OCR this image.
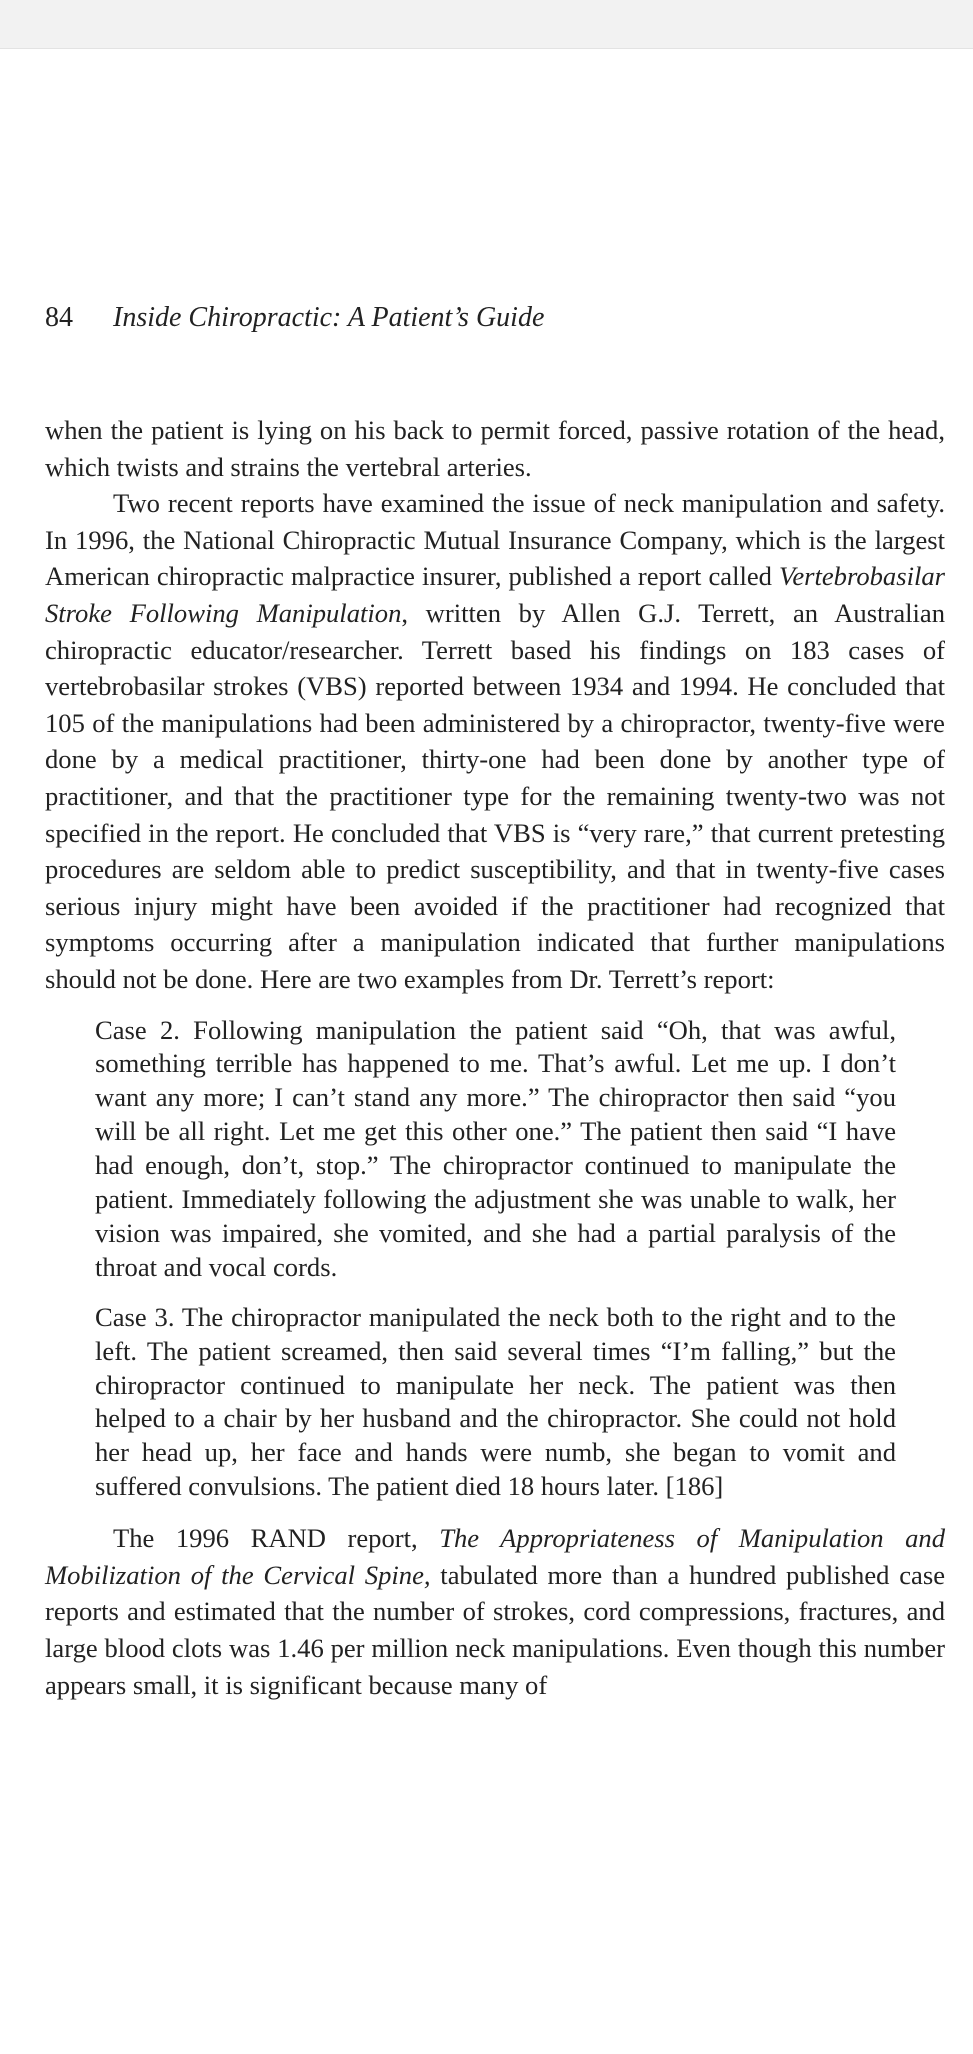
84 Inside Chiropractic: A Patient’s Guide

when the patient is lying on his back to permit forced, passive rotation of the head, which twists and strains the vertebral arteries.

Two recent reports have examined the issue of neck manipulation and safety. In 1996, the National Chiropractic Mutual Insurance Company, which is the largest American chiropractic malpractice insurer, published a report called Vertebrobasilar Stroke Following Manipulation, written by Allen G.J. Terrett, an Australian chiropractic educator/researcher. Terrett based his findings on 183 cases of vertebrobasilar strokes (VBS) reported between 1934 and 1994. He concluded that 105 of the manipulations had been administered by a chiropractor, twenty-five were done by a medical practitioner, thirty-one had been done by another type of practitioner, and that the practitioner type for the remaining twenty-two was not specified in the report. He concluded that VBS is “very rare,” that current pretesting procedures are seldom able to predict susceptibility, and that in twenty-five cases serious injury might have been avoided if the practitioner had recognized that symptoms occurring after a manipulation indicated that further manipulations should not be done. Here are two examples from Dr. Terrett’s report:

Case 2. Following manipulation the patient said “Oh, that was awful, something terrible has happened to me. That’s awful. Let me up. I don’t want any more; I can’t stand any more.” The chiropractor then said “you will be all right. Let me get this other one.” The patient then said “I have had enough, don’t, stop.” The chiropractor continued to manipulate the patient. Immediately following the adjustment she was unable to walk, her vision was impaired, she vomited, and she had a partial paralysis of the throat and vocal cords.

Case 3. The chiropractor manipulated the neck both to the right and to the left. The patient screamed, then said several times “I’m falling,” but the chiropractor continued to manipulate her neck. The patient was then helped to a chair by her husband and the chiropractor. She could not hold her head up, her face and hands were numb, she began to vomit and suffered convulsions. The patient died 18 hours later. [186]

The 1996 RAND report, The Appropriateness of Manipulation and Mobilization of the Cervical Spine, tabulated more than a hundred published case reports and estimated that the number of strokes, cord compressions, fractures, and large blood clots was 1.46 per million neck manipulations. Even though this number appears small, it is significant because many of
